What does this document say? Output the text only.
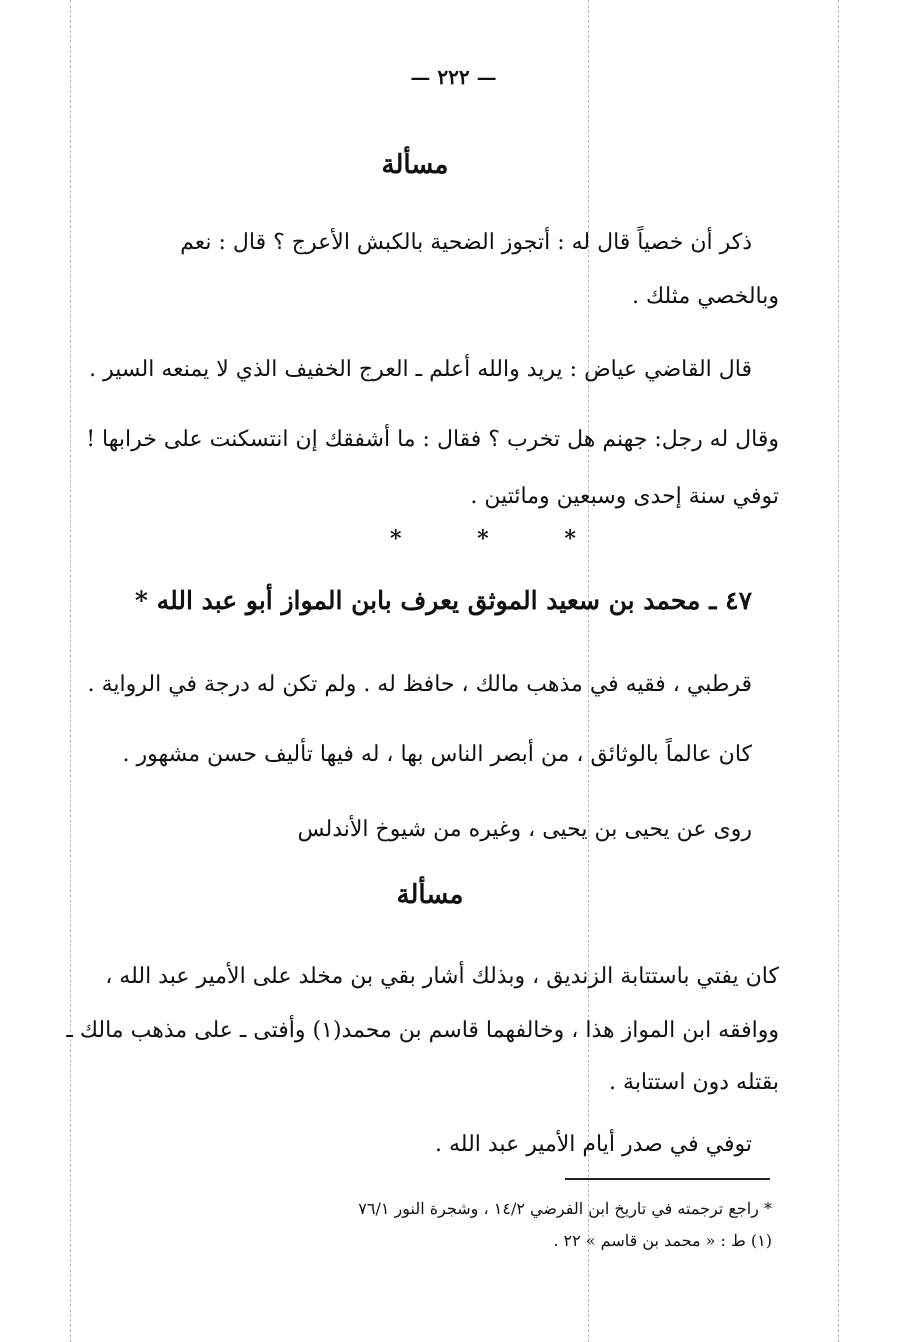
— ٢٢٢ —
مسألة
ذكر أن خصياً قال له : أتجوز الضحية بالكبش الأعرج ؟ قال : نعم
وبالخصي مثلك .
قال القاضي عياض : يريد والله أعلم ـ العرج الخفيف الذي لا يمنعه السير .
وقال له رجل: جهنم هل تخرب ؟ فقال : ما أشفقك إن انتسكنت على خرابها !
توفي سنة إحدى وسبعين ومائتين .
* * *
٤٧ ـ محمد بن سعيد الموثق يعرف بابن المواز أبو عبد الله *
قرطبي ، فقيه في مذهب مالك ، حافظ له . ولم تكن له درجة في الرواية .
كان عالماً بالوثائق ، من أبصر الناس بها ، له فيها تأليف حسن مشهور .
روى عن يحيى بن يحيى ، وغيره من شيوخ الأندلس
مسألة
كان يفتي باستتابة الزنديق ، وبذلك أشار بقي بن مخلد على الأمير عبد الله ،
ووافقه ابن المواز هذا ، وخالفهما قاسم بن محمد(١) وأفتى ـ على مذهب مالك ـ
بقتله دون استتابة .
توفي في صدر أيام الأمير عبد الله .
* راجع ترجمته في تاريخ ابن الفرضي ١٤/٢ ، وشجرة النور ٧٦/١
(١) ط : « محمد بن قاسم » ٢٢ .
